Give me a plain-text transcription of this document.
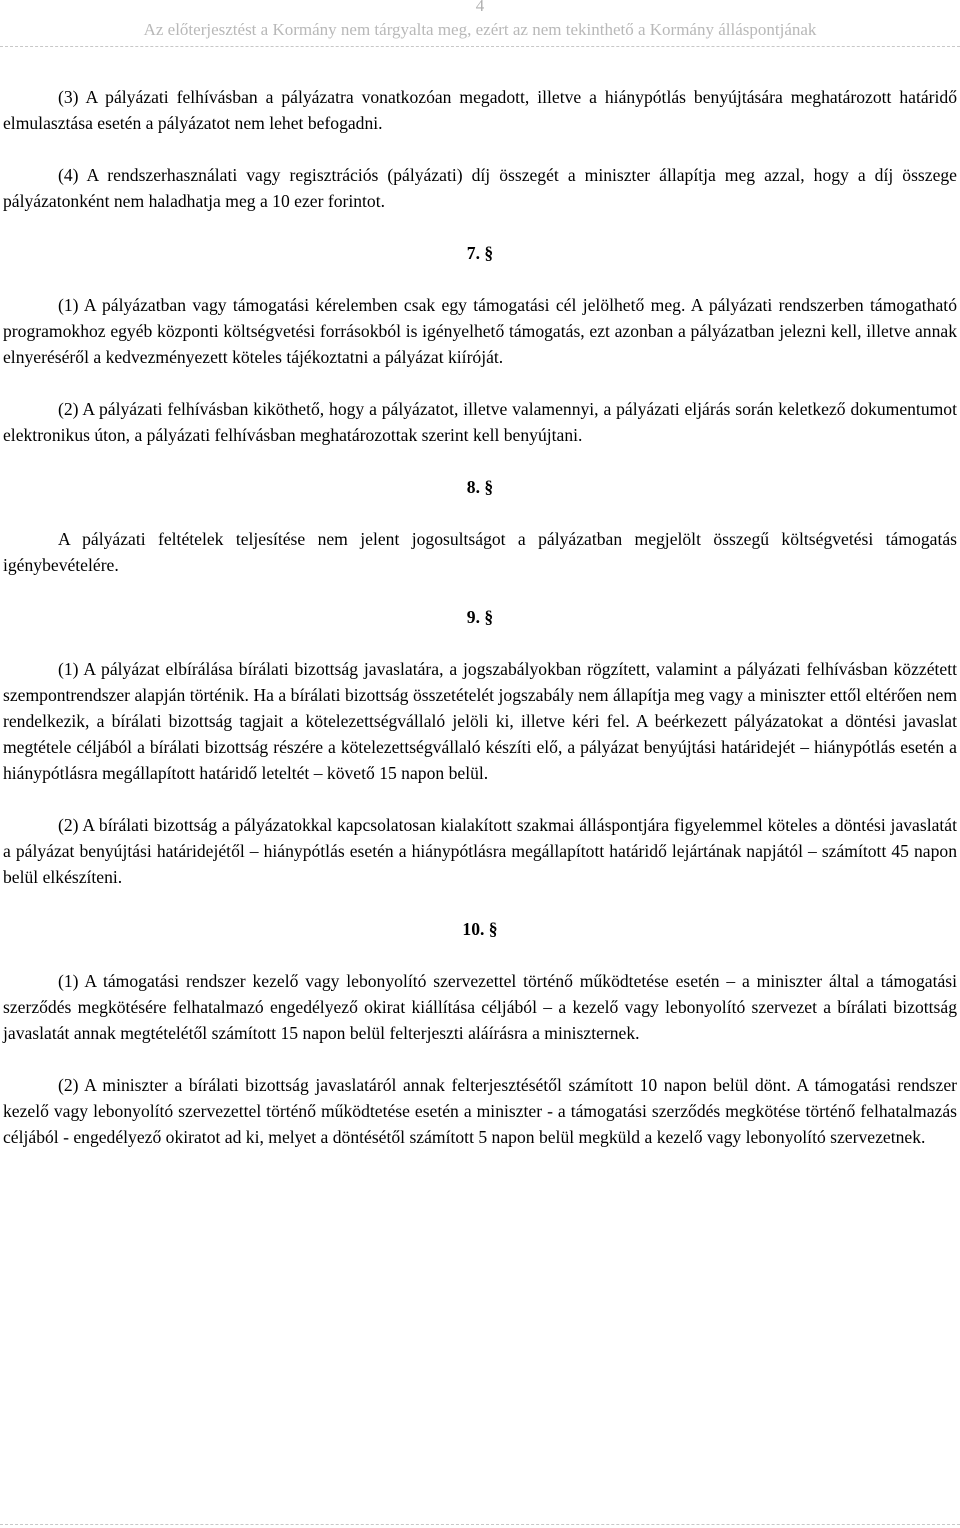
4
Az előterjesztést a Kormány nem tárgyalta meg, ezért az nem tekinthető a Kormány álláspontjának

(3) A pályázati felhívásban a pályázatra vonatkozóan megadott, illetve a hiánypótlás benyújtására meghatározott határidő elmulasztása esetén a pályázatot nem lehet befogadni.

(4) A rendszerhasználati vagy regisztrációs (pályázati) díj összegét a miniszter állapítja meg azzal, hogy a díj összege pályázatonként nem haladhatja meg a 10 ezer forintot.

7. §

(1) A pályázatban vagy támogatási kérelemben csak egy támogatási cél jelölhető meg. A pályázati rendszerben támogatható programokhoz egyéb központi költségvetési forrásokból is igényelhető támogatás, ezt azonban a pályázatban jelezni kell, illetve annak elnyeréséről a kedvezményezett köteles tájékoztatni a pályázat kiíróját.

(2) A pályázati felhívásban kiköthető, hogy a pályázatot, illetve valamennyi, a pályázati eljárás során keletkező dokumentumot elektronikus úton, a pályázati felhívásban meghatározottak szerint kell benyújtani.

8. §

A pályázati feltételek teljesítése nem jelent jogosultságot a pályázatban megjelölt összegű költségvetési támogatás igénybevételére.

9. §

(1) A pályázat elbírálása bírálati bizottság javaslatára, a jogszabályokban rögzített, valamint a pályázati felhívásban közzétett szempontrendszer alapján történik. Ha a bírálati bizottság összetételét jogszabály nem állapítja meg vagy a miniszter ettől eltérően nem rendelkezik, a bírálati bizottság tagjait a kötelezettségvállaló jelöli ki, illetve kéri fel. A beérkezett pályázatokat a döntési javaslat megtétele céljából a bírálati bizottság részére a kötelezettségvállaló készíti elő, a pályázat benyújtási határidejét – hiánypótlás esetén a hiánypótlásra megállapított határidő leteltét – követő 15 napon belül.

(2) A bírálati bizottság a pályázatokkal kapcsolatosan kialakított szakmai álláspontjára figyelemmel köteles a döntési javaslatát a pályázat benyújtási határidejétől – hiánypótlás esetén a hiánypótlásra megállapított határidő lejártának napjától – számított 45 napon belül elkészíteni.

10. §

(1) A támogatási rendszer kezelő vagy lebonyolító szervezettel történő működtetése esetén – a miniszter által a támogatási szerződés megkötésére felhatalmazó engedélyező okirat kiállítása céljából – a kezelő vagy lebonyolító szervezet a bírálati bizottság javaslatát annak megtételétől számított 15 napon belül felterjeszti aláírásra a miniszternek.

(2) A miniszter a bírálati bizottság javaslatáról annak felterjesztésétől számított 10 napon belül dönt. A támogatási rendszer kezelő vagy lebonyolító szervezettel történő működtetése esetén a miniszter - a támogatási szerződés megkötése történő felhatalmazás céljából - engedélyező okiratot ad ki, melyet a döntésétől számított 5 napon belül megküld a kezelő vagy lebonyolító szervezetnek.
